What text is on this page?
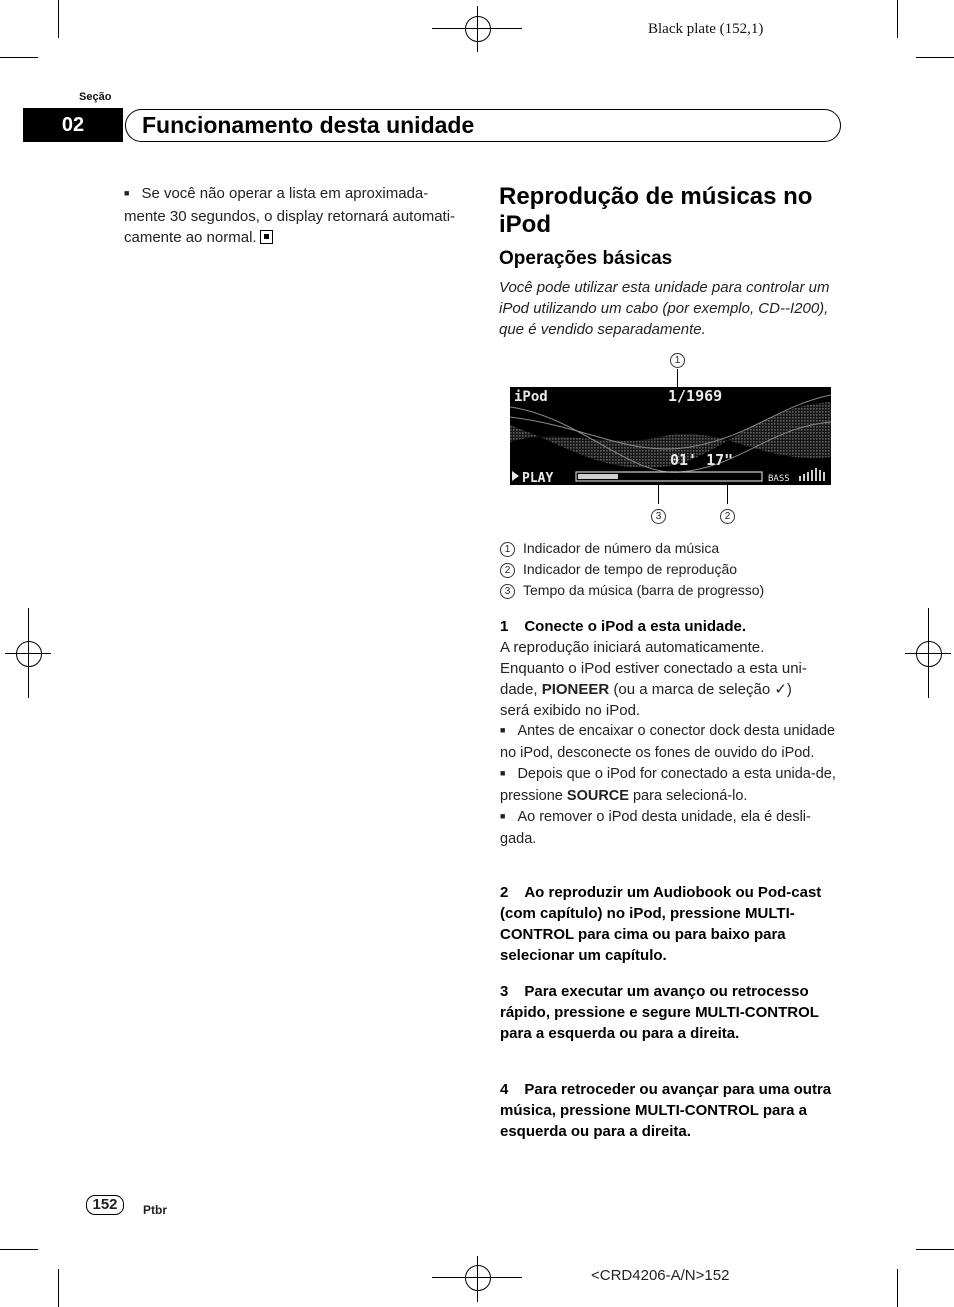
Black plate (152,1)
Seção
02	Funcionamento desta unidade
■ Se você não operar a lista em aproximada-
mente 30 segundos, o display retornará automati-
camente ao normal.
Reprodução de músicas no iPod
Operações básicas
Você pode utilizar esta unidade para controlar um iPod utilizando um cabo (por exemplo, CD--I200), que é vendido separadamente.
1
3	2
iPod	1/1969
01' 17"
PLAY	BASS
1 Indicador de número da música
2 Indicador de tempo de reprodução
3 Tempo da música (barra de progresso)
1 Conecte o iPod a esta unidade.
A reprodução iniciará automaticamente.
Enquanto o iPod estiver conectado a esta uni-
dade, PIONEER (ou a marca de seleção ✓)
será exibido no iPod.
■ Antes de encaixar o conector dock desta unidade no iPod, desconecte os fones de ouvido do iPod.
■ Depois que o iPod for conectado a esta unida-de, pressione SOURCE para selecioná-lo.
■ Ao remover o iPod desta unidade, ela é desli-gada.
2 Ao reproduzir um Audiobook ou Pod-cast (com capítulo) no iPod, pressione MULTI-CONTROL para cima ou para baixo para selecionar um capítulo.
3 Para executar um avanço ou retrocesso rápido, pressione e segure MULTI-CONTROL para a esquerda ou para a direita.
4 Para retroceder ou avançar para uma outra música, pressione MULTI-CONTROL para a esquerda ou para a direita.
152	Ptbr
<CRD4206-A/N>152
